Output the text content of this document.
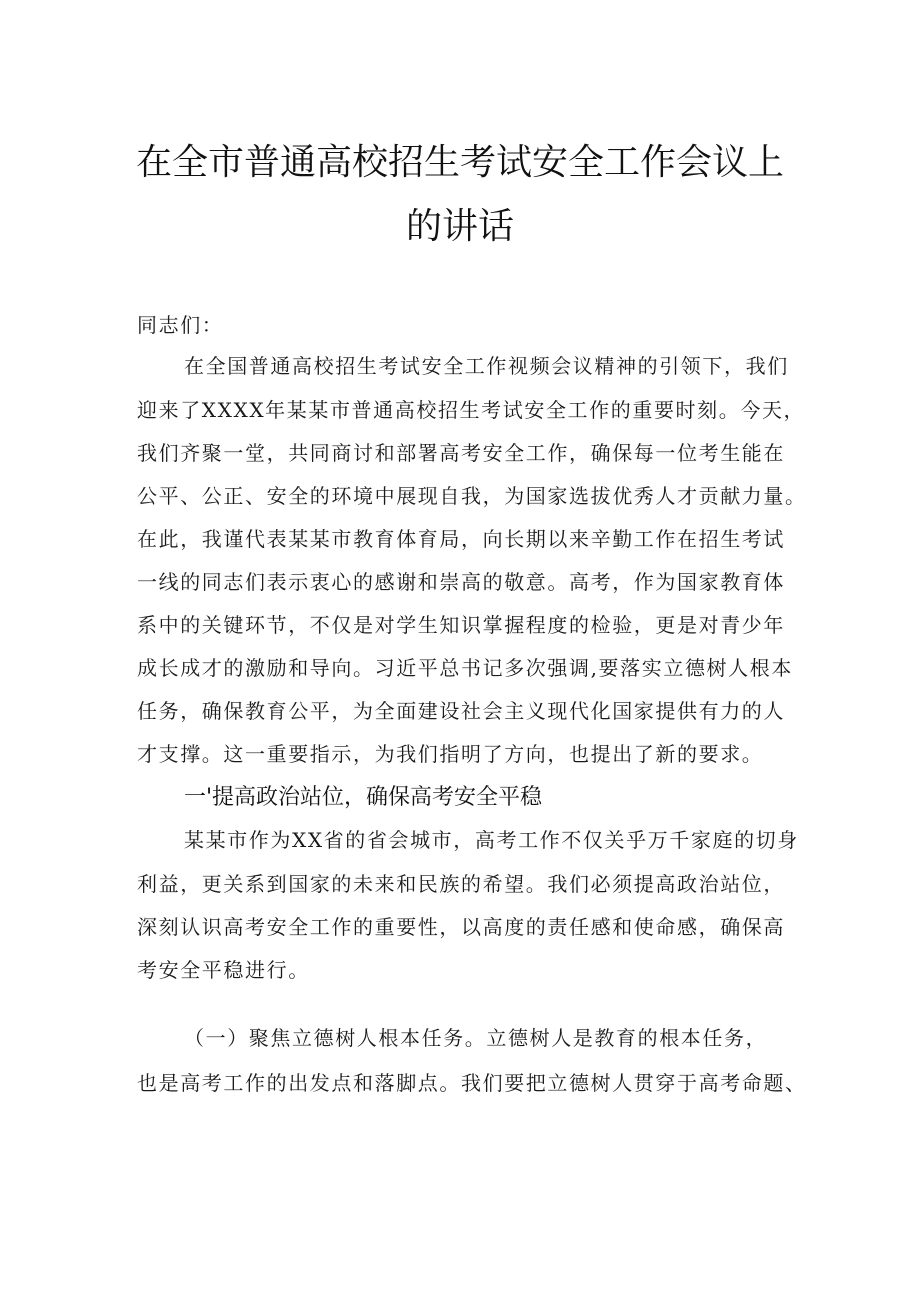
在全市普通高校招生考试安全工作会议上
的讲话
同志们：
在全国普通高校招生考试安全工作视频会议精神的引领下，我们
迎来了XXXX年某某市普通高校招生考试安全工作的重要时刻。今天，
我们齐聚一堂，共同商讨和部署高考安全工作，确保每一位考生能在
公平、公正、安全的环境中展现自我，为国家选拔优秀人才贡献力量。
在此，我谨代表某某市教育体育局，向长期以来辛勤工作在招生考试
一线的同志们表示衷心的感谢和崇高的敬意。高考，作为国家教育体
系中的关键环节，不仅是对学生知识掌握程度的检验，更是对青少年
成长成才的激励和导向。习近平总书记多次强调,要落实立德树人根本
任务，确保教育公平，为全面建设社会主义现代化国家提供有力的人
才支撑。这一重要指示，为我们指明了方向，也提出了新的要求。
一'提高政治站位，确保高考安全平稳
某某市作为XX省的省会城市，高考工作不仅关乎万千家庭的切身
利益，更关系到国家的未来和民族的希望。我们必须提高政治站位，
深刻认识高考安全工作的重要性，以高度的责任感和使命感，确保高
考安全平稳进行。
（一）聚焦立德树人根本任务。立德树人是教育的根本任务，
也是高考工作的出发点和落脚点。我们要把立德树人贯穿于高考命题、
